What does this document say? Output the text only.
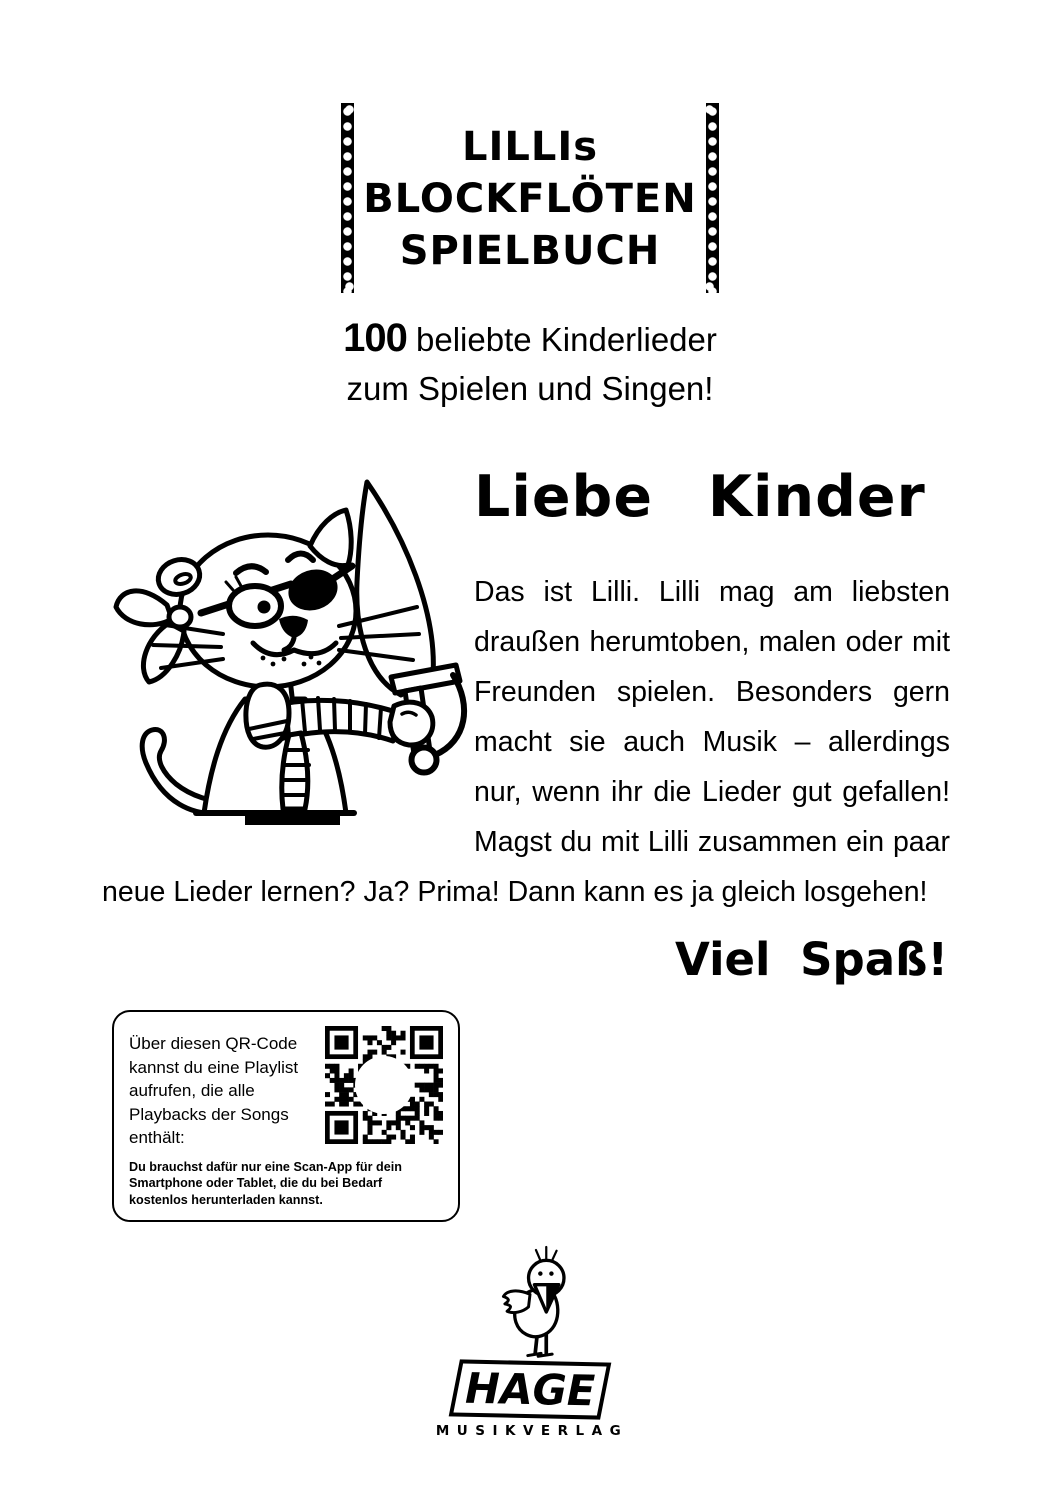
LILLIs
BLOCKFLÖTEN
SPIELBUCH
100 beliebte Kinderlieder
zum Spielen und Singen!
Liebe Kinder

Das ist Lilli. Lilli mag am liebsten draußen herumtoben, malen oder mit Freunden spielen. Besonders gern macht sie auch Musik – allerdings nur, wenn ihr die Lieder gut gefallen! Magst du mit Lilli zusammen ein paar neue Lieder lernen? Ja? Prima! Dann kann es ja gleich losgehen!

Viel Spaß!
Über diesen QR-Code kannst du eine Playlist aufrufen, die alle Playbacks der Songs enthält:
Du brauchst dafür nur eine Scan-App für dein Smartphone oder Tablet, die du bei Bedarf kostenlos herunterladen kannst.
HAGE
MUSIKVERLAG
